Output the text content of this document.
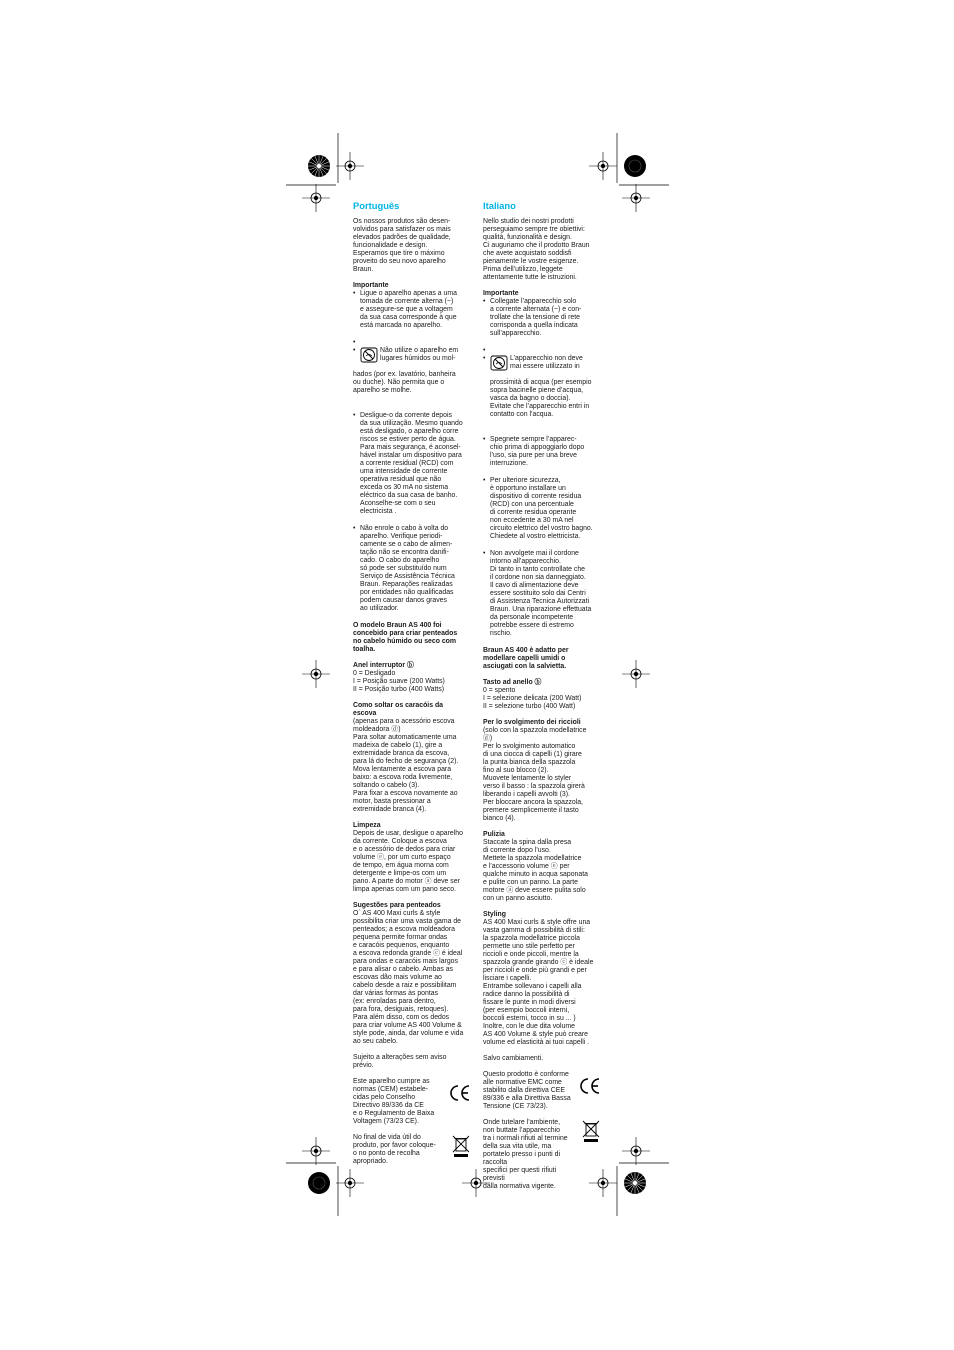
Português
Os nossos produtos são desen-
volvidos para satisfazer os mais
elevados padrões de qualidade,
funcionalidade e design.
Esperamos que tire o máximo
proveito do seu novo aparelho
Braun.
Importante
• Ligue o aparelho apenas a uma
tomada de corrente alterna (~)
e assegure-se que a voltagem
da sua casa corresponde à que
está marcada no aparelho.

• •	Não utilize o aparelho em
lugares húmidos ou mol-

hados (por ex. lavatório, banheira
ou duche). Não permita que o
aparelho se molhe.

• Desligue-o da corrente depois
da sua utilização. Mesmo quando
está desligado, o aparelho corre
riscos se estiver perto de água.
Para mais segurança, é aconsel-
hável instalar um dispositivo para
a corrente residual (RCD) com
uma intensidade de corrente
operativa residual que não
exceda os 30 mA no sistema
eléctrico da sua casa de banho.
Aconselhe-se com o seu
electricista .
• Não enrole o cabo à volta do
aparelho. Verifique periodi-
camente se o cabo de alimen-
tação não se encontra danifi-
cado. O cabo do aparelho
só pode ser substituído num
Serviço de Assistência Técnica
Braun. Reparações realizadas
por entidades não qualificadas
podem causar danos graves
ao utilizador.
O modelo Braun AS 400 foi
concebido para criar penteados
no cabelo húmido ou seco com
toalha.
Anel interruptor ⓑ
0 = Desligado
I = Posição suave (200 Watts)
II = Posição turbo (400 Watts)
Como soltar os caracóis da
escova
(apenas para o acessório escova
moldeadora ⓓ)
Para soltar automaticamente uma
madeixa de cabelo (1), gire a
extremidade branca da escova,
para lá do fecho de segurança (2).
Mova lentamente a escova para
baixo: a escova roda livremente,
soltando o cabelo (3).
Para fixar a escova novamente ao
motor, basta pressionar a
extremidade branca (4).
Limpeza
Depois de usar, desligue o aparelho
da corrente. Coloque a escova
e o acessório de dedos para criar
volume ⓔ, por um curto espaço
de tempo, em água morna com
detergente e limpe-os com um
pano. A parte do motor ⓐ deve ser
limpa apenas com um pano seco.
Sugestões para penteados
O´ AS 400 Maxi curls & style
possibilita criar uma vasta gama de
penteados; a escova moldeadora
pequena permite formar ondas
e caracóis pequenos, enquanto
a escova redonda grande ⓒ é ideal
para ondas e caracóis mais largos
e para alisar o cabelo. Ambas as
escovas dão mais volume ao
cabelo desde a raiz e possibilitam
dar várias formas às pontas
(ex: enroladas para dentro,
para fora, desiguais, retoques).
Para além disso, com os dedos
para criar volume AS 400 Volume &
style pode, ainda, dar volume e vida
ao seu cabelo.
Sujeito a alterações sem aviso
prévio.
Este aparelho cumpre as
normas (CEM) estabele-
cidas pelo Conselho
Directivo 89/336 da CE
e o Regulamento de Baixa
Voltagem (73/23 CE).
No final de vida útil do
produto, por favor coloque-
o no ponto de recolha
apropriado.
Italiano
Nello studio dei nostri prodotti
perseguiamo sempre tre obiettivi:
qualità, funzionalità e design.
Ci auguriamo che il prodotto Braun
che avete acquistato soddisfi
pienamente le vostre esigenze.
Prima dell’utilizzo, leggete
attentamente tutte le istruzioni.
Importante
• Collegate l’apparecchio solo
a corrente alternata (~) e con-
trollate che la tensione di rete
corrisponda a quella indicata
sull’apparecchio.

• •	L’apparecchio non deve
mai essere utilizzato in

prossimità di acqua (per esempio
sopra bacinelle piene d’acqua,
vasca da bagno o doccia).
Evitate che l’apparecchio entri in
contatto con l’acqua.

• Spegnete sempre l’apparec-
chio prima di appoggiarlo dopo
l’uso, sia pure per una breve
interruzione.
• Per ulteriore sicurezza,
è opportuno installare un
dispositivo di corrente residua
(RCD) con una percentuale
di corrente residua operante
non eccedente a 30 mA nel
circuito elettrico del vostro bagno.
Chiedete al vostro elettricista.
• Non avvolgete mai il cordone
intorno all’apparecchio.
Di tanto in tanto controllate che
il cordone non sia danneggiato.
Il cavo di alimentazione deve
essere sostituito solo dai Centri
di Assistenza Tecnica Autorizzati
Braun. Una riparazione effettuata
da personale incompetente
potrebbe essere di estremo
rischio.
Braun AS 400 è adatto per
modellare capelli umidi o
asciugati con la salvietta.
Tasto ad anello ⓑ
0 = spento
I = selezione delicata (200 Watt)
II = selezione turbo (400 Watt)
Per lo svolgimento dei riccioli
(solo con la spazzola modellatrice
ⓓ)
Per lo svolgimento automatico
di una ciocca di capelli (1) girare
la punta bianca della spazzola
fino al suo blocco (2).
Muovete lentamente lo styler
verso il basso : la spazzola girerà
liberando i capelli avvolti (3).
Per bloccare ancora la spazzola,
premere semplicemente il tasto
bianco (4).
Pulizia
Staccate la spina dalla presa
di corrente dopo l’uso.
Mettete la spazzola modellatrice
e l’accessorio volume ⓔ per
qualche minuto in acqua saponata
e pulite con un panno. La parte
motore ⓐ deve essere pulita solo
con un panno asciutto.
Styling
AS 400 Maxi curls & style offre una
vasta gamma di possibilità di stili:
la spazzola modellatrice piccola
permette uno stile perfetto per
riccioli e onde piccoli, mentre la
spazzola grande girando ⓒ è ideale
per riccioli e onde più grandi e per
lisciare i capelli.
Entrambe sollevano i capelli alla
radice danno la possibilità di
fissare le punte in modi diversi
(per esempio boccoli interni,
boccoli esterni, tocco in su ... )
Inoltre, con le due dita volume
AS 400 Volume & style può creare
volume ed elasticità ai tuoi capelli .
Salvo cambiamenti.
Questo prodotto è conforme
alle normative EMC come
stabilito dalla direttiva CEE
89/336 e alla Direttiva Bassa
Tensione (CE 73/23).
Onde tutelare l’ambiente,
non buttate l’apparecchio
tra i normali rifiuti al termine
della sua vita utile, ma
portatelo presso i punti di raccolta
specifici per questi rifiuti previsti
dalla normativa vigente.
